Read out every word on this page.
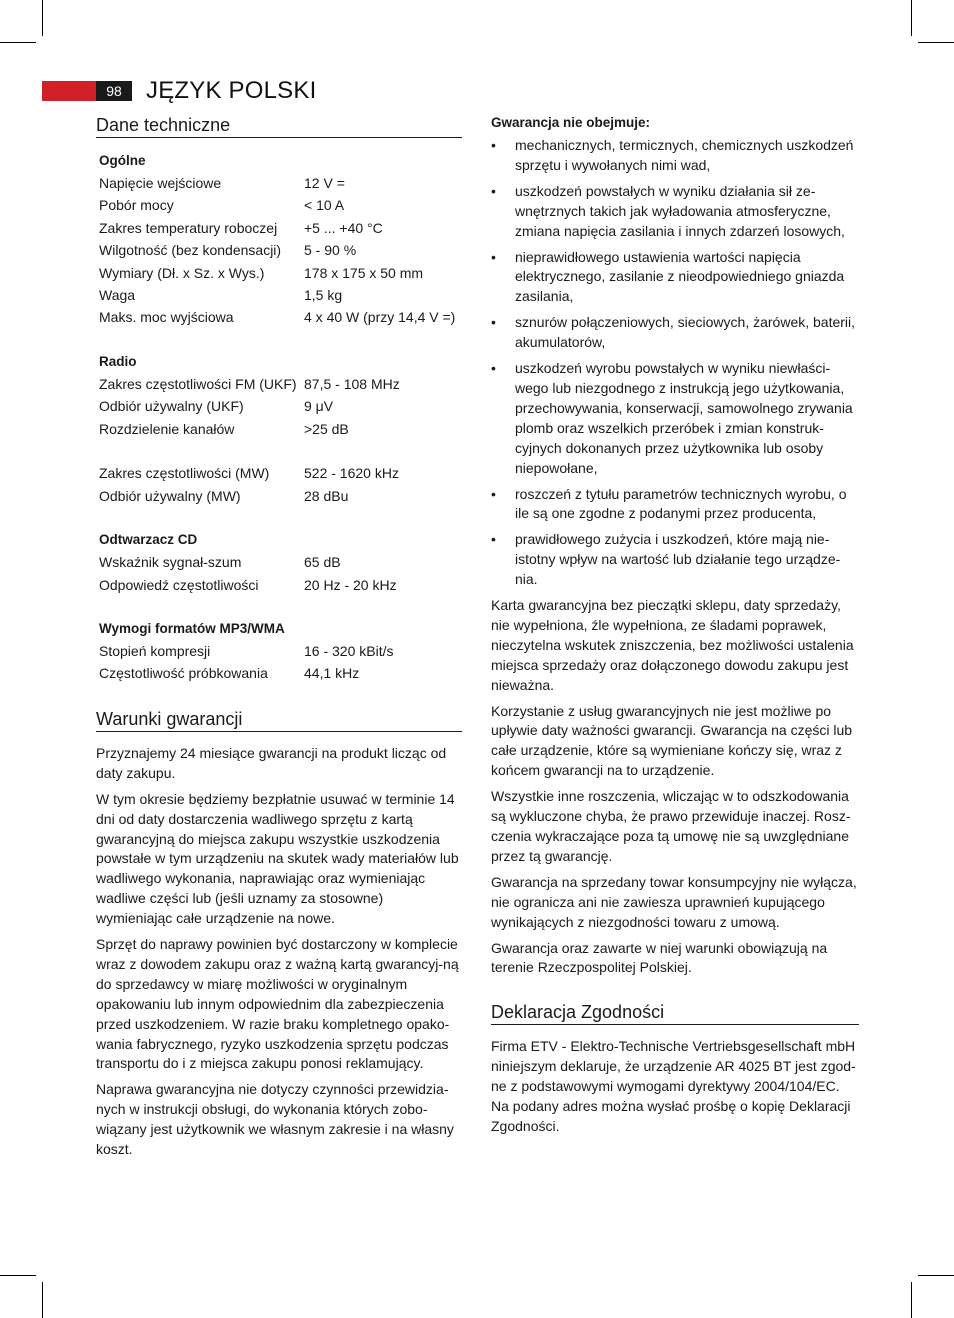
98	JĘZYK POLSKI
Dane techniczne
Ogólne
Napięcie wejściowe	12 V =
Pobór mocy	< 10 A
Zakres temperatury roboczej	+5 ... +40 °C
Wilgotność (bez kondensacji)	5 - 90 %
Wymiary (Dł. x Sz. x Wys.)	178 x 175 x 50 mm
Waga	1,5 kg
Maks. moc wyjściowa	4 x 40 W (przy 14,4 V =)
Radio
Zakres częstotliwości FM (UKF) 87,5 - 108 MHz
Odbiór używalny (UKF)	9 μV
Rozdzielenie kanałów	>25 dB
Zakres częstotliwości (MW)	522 - 1620 kHz
Odbiór używalny (MW)	28 dBu
Odtwarzacz CD
Wskaźnik sygnał-szum	65 dB
Odpowiedź częstotliwości	20 Hz - 20 kHz
Wymogi formatów MP3/WMA
Stopień kompresji	16 - 320 kBit/s
Częstotliwość próbkowania	44,1 kHz
Warunki gwarancji

Przyznajemy 24 miesiące gwarancji na produkt licząc od daty zakupu.

W tym okresie będziemy bezpłatnie usuwać w terminie 14 dni od daty dostarczenia wadliwego sprzętu z kartą gwarancyjną do miejsca zakupu wszystkie uszkodzenia powstałe w tym urządzeniu na skutek wady materiałów lub wadliwego wykonania, naprawiając oraz wymieniając wadliwe części lub (jeśli uznamy za stosowne) wymieniając całe urządzenie na nowe.

Sprzęt do naprawy powinien być dostarczony w komplecie wraz z dowodem zakupu oraz z ważną kartą gwarancyj-ną do sprzedawcy w miarę możliwości w oryginalnym opakowaniu lub innym odpowiednim dla zabezpieczenia przed uszkodzeniem. W razie braku kompletnego opako-wania fabrycznego, ryzyko uszkodzenia sprzętu podczas transportu do i z miejsca zakupu ponosi reklamujący.

Naprawa gwarancyjna nie dotyczy czynności przewidzia-nych w instrukcji obsługi, do wykonania których zobo-wiązany jest użytkownik we własnym zakresie i na własny koszt.

Gwarancja nie obejmuje:
• mechanicznych, termicznych, chemicznych uszkodzeń sprzętu i wywołanych nimi wad,
• uszkodzeń powstałych w wyniku działania sił ze-wnętrznych takich jak wyładowania atmosferyczne, zmiana napięcia zasilania i innych zdarzeń losowych,
• nieprawidłowego ustawienia wartości napięcia elektrycznego, zasilanie z nieodpowiedniego gniazda zasilania,
• sznurów połączeniowych, sieciowych, żarówek, baterii, akumulatorów,
• uszkodzeń wyrobu powstałych w wyniku niewłaści-wego lub niezgodnego z instrukcją jego użytkowania, przechowywania, konserwacji, samowolnego zrywania plomb oraz wszelkich przeróbek i zmian konstruk-cyjnych dokonanych przez użytkownika lub osoby niepowołane,
• roszczeń z tytułu parametrów technicznych wyrobu, o ile są one zgodne z podanymi przez producenta,
• prawidłowego zużycia i uszkodzeń, które mają nie-istotny wpływ na wartość lub działanie tego urządze-nia.

Karta gwarancyjna bez pieczątki sklepu, daty sprzedaży, nie wypełniona, źle wypełniona, ze śladami poprawek, nieczytelna wskutek zniszczenia, bez możliwości ustalenia miejsca sprzedaży oraz dołączonego dowodu zakupu jest nieważna.

Korzystanie z usług gwarancyjnych nie jest możliwe po upływie daty ważności gwarancji. Gwarancja na części lub całe urządzenie, które są wymieniane kończy się, wraz z końcem gwarancji na to urządzenie.

Wszystkie inne roszczenia, wliczając w to odszkodowania są wykluczone chyba, że prawo przewiduje inaczej. Rosz-czenia wykraczające poza tą umowę nie są uwzględniane przez tą gwarancję.

Gwarancja na sprzedany towar konsumpcyjny nie wyłącza, nie ogranicza ani nie zawiesza uprawnień kupującego wynikających z niezgodności towaru z umową.

Gwarancja oraz zawarte w niej warunki obowiązują na terenie Rzeczpospolitej Polskiej.

Deklaracja Zgodności

Firma ETV - Elektro-Technische Vertriebsgesellschaft mbH niniejszym deklaruje, że urządzenie AR 4025 BT jest zgod-ne z podstawowymi wymogami dyrektywy 2004/104/EC. Na podany adres można wysłać prośbę o kopię Deklaracji Zgodności.
